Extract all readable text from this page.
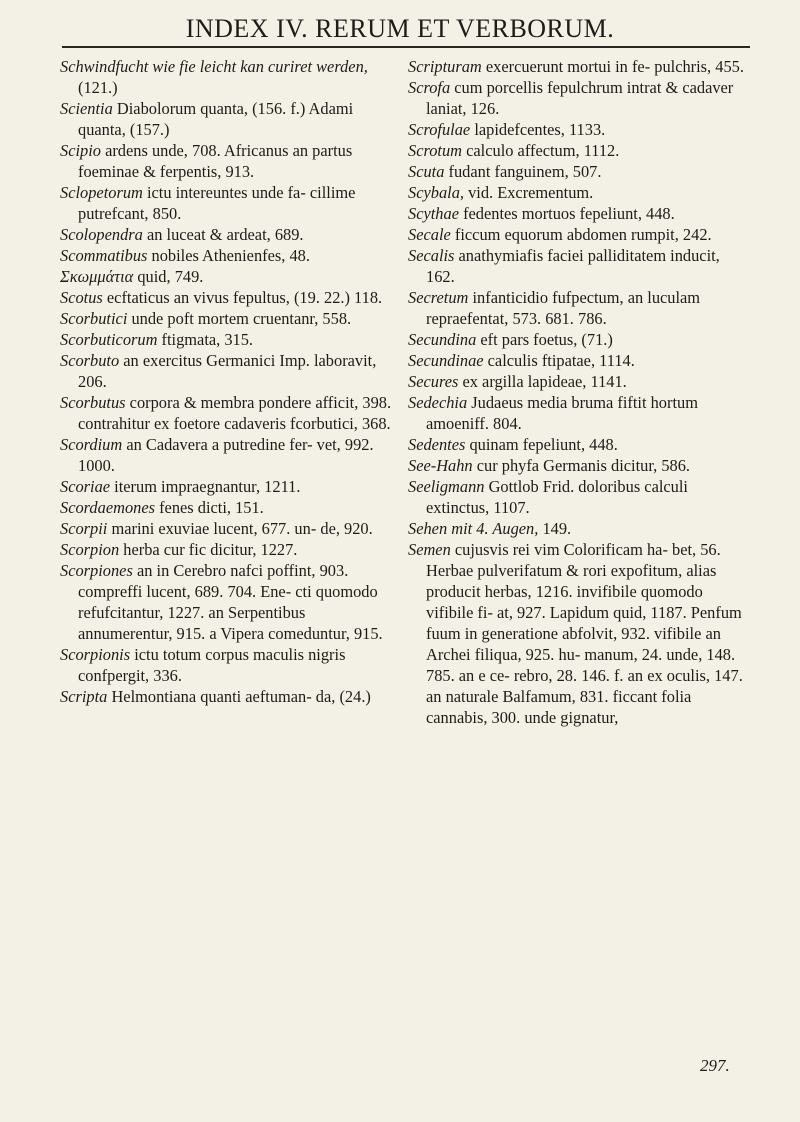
INDEX IV. RERUM ET VERBORUM.

Schwindfucht wie fie leicht kan curiret werden, (121.)

Scientia Diabolorum quanta, (156. f.) Adami quanta, (157.)

Scipio ardens unde, 708. Africanus an partus foeminae & ferpentis, 913.

Sclopetorum ictu intereuntes unde fa- cillime putrefcant, 850.

Scolopendra an luceat & ardeat, 689.

Scommatibus nobiles Athenienfes, 48.

Σκωμμάτια quid, 749.

Scotus ecftaticus an vivus fepultus, (19. 22.) 118.

Scorbutici unde poft mortem cruentanr, 558.

Scorbuticorum ftigmata, 315.

Scorbuto an exercitus Germanici Imp. laboravit, 206.

Scorbutus corpora & membra pondere afficit, 398. contrahitur ex foetore cadaveris fcorbutici, 368.

Scordium an Cadavera a putredine fer- vet, 992. 1000.

Scoriae iterum impraegnantur, 1211.

Scordaemones fenes dicti, 151.

Scorpii marini exuviae lucent, 677. un- de, 920.

Scorpion herba cur fic dicitur, 1227.

Scorpiones an in Cerebro nafci poffint, 903. compreffi lucent, 689. 704. Ene- cti quomodo refufcitantur, 1227. an Serpentibus annumerentur, 915. a Vipera comeduntur, 915.

Scorpionis ictu totum corpus maculis nigris confpergit, 336.

Scripta Helmontiana quanti aeftuman- da, (24.)

Scripturam exercuerunt mortui in fe- pulchris, 455.

Scrofa cum porcellis fepulchrum intrat & cadaver laniat, 126.

Scrofulae lapidefcentes, 1133.

Scrotum calculo affectum, 1112.

Scuta fudant fanguinem, 507.

Scybala, vid. Excrementum.

Scythae fedentes mortuos fepeliunt, 448.

Secale ficcum equorum abdomen rumpit, 242.

Secalis anathymiafis faciei palliditatem inducit, 162.

Secretum infanticidio fufpectum, an luculam repraefentat, 573. 681. 786.

Secundina eft pars foetus, (71.)

Secundinae calculis ftipatae, 1114.

Secures ex argilla lapideae, 1141.

Sedechia Judaeus media bruma fiftit hortum amoeniff. 804.

Sedentes quinam fepeliunt, 448.

See-Hahn cur phyfa Germanis dicitur, 586.

Seeligmann Gottlob Frid. doloribus calculi extinctus, 1107.

Sehen mit 4. Augen, 149.

Semen cujusvis rei vim Colorificam ha- bet, 56. Herbae pulverifatum & rori expofitum, alias producit herbas, 1216. invifibile quomodo vifibile fi- at, 927. Lapidum quid, 1187. Penfum fuum in generatione abfolvit, 932. vifibile an Archei filiqua, 925. hu- manum, 24. unde, 148. 785. an e ce- rebro, 28. 146. f. an ex oculis, 147. an naturale Balfamum, 831. ficcant folia cannabis, 300. unde gignatur,

297.
